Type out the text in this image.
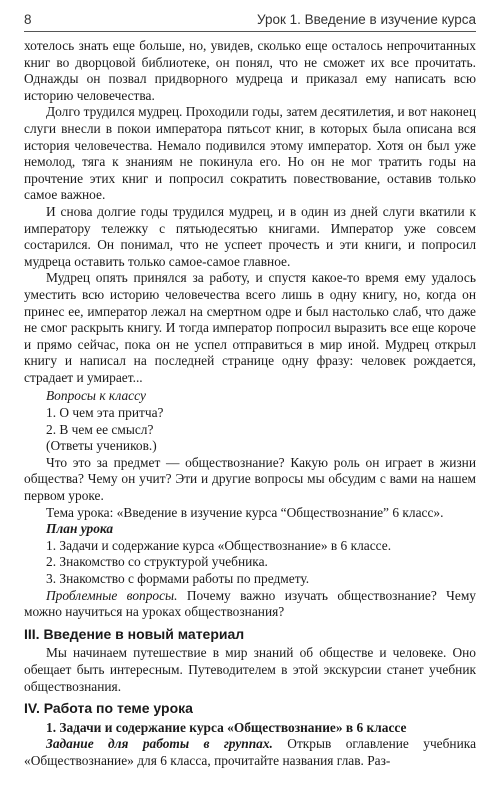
8	Урок 1. Введение в изучение курса

хотелось знать еще больше, но, увидев, сколько еще осталось непрочитанных книг во дворцовой библиотеке, он понял, что не сможет их все прочитать. Однажды он позвал придворного мудреца и приказал ему написать всю историю человечества.

Долго трудился мудрец. Проходили годы, затем десятилетия, и вот наконец слуги внесли в покои императора пятьсот книг, в которых была описана вся история человечества. Немало подивился этому император. Хотя он был уже немолод, тяга к знаниям не покинула его. Но он не мог тратить годы на прочтение этих книг и попросил сократить повествование, оставив только самое важное.

И снова долгие годы трудился мудрец, и в один из дней слуги вкатили к императору тележку с пятьюдесятью книгами. Император уже совсем состарился. Он понимал, что не успеет прочесть и эти книги, и попросил мудреца оставить только самое-самое главное.

Мудрец опять принялся за работу, и спустя какое-то время ему удалось уместить всю историю человечества всего лишь в одну книгу, но, когда он принес ее, император лежал на смертном одре и был настолько слаб, что даже не смог раскрыть книгу. И тогда император попросил выразить все еще короче и прямо сейчас, пока он не успел отправиться в мир иной. Мудрец открыл книгу и написал на последней странице одну фразу: человек рождается, страдает и умирает...

Вопросы к классу

1. О чем эта притча?

2. В чем ее смысл?

(Ответы учеников.)

Что это за предмет — обществознание? Какую роль он играет в жизни общества? Чему он учит? Эти и другие вопросы мы обсудим с вами на нашем первом уроке.

Тема урока: «Введение в изучение курса “Обществознание” 6 класс».

План урока

1. Задачи и содержание курса «Обществознание» в 6 классе.

2. Знакомство со структурой учебника.

3. Знакомство с формами работы по предмету.

Проблемные вопросы. Почему важно изучать обществознание? Чему можно научиться на уроках обществознания?

III. Введение в новый материал

Мы начинаем путешествие в мир знаний об обществе и человеке. Оно обещает быть интересным. Путеводителем в этой экскурсии станет учебник обществознания.

IV. Работа по теме урока

1. Задачи и содержание курса «Обществознание» в 6 классе

Задание для работы в группах. Открыв оглавление учебника «Обществознание» для 6 класса, прочитайте названия глав. Раз-
